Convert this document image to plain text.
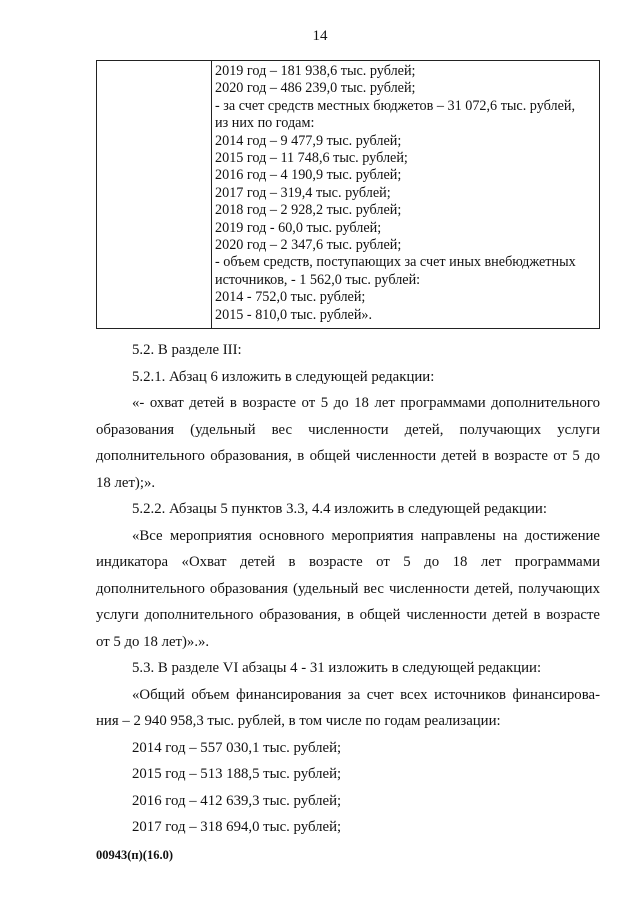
14

2019 год – 181 938,6 тыс. рублей;
2020 год – 486 239,0 тыс. рублей;
- за счет средств местных бюджетов – 31 072,6 тыс. рублей,
из них по годам:
2014 год – 9 477,9 тыс. рублей;
2015 год – 11 748,6 тыс. рублей;
2016 год – 4 190,9 тыс. рублей;
2017 год – 319,4 тыс. рублей;
2018 год – 2 928,2 тыс. рублей;
2019 год - 60,0 тыс. рублей;
2020 год – 2 347,6 тыс. рублей;
- объем средств, поступающих за счет иных внебюджетных
источников, - 1 562,0 тыс. рублей:
2014 - 752,0 тыс. рублей;
2015 - 810,0 тыс. рублей».

5.2. В разделе III:

5.2.1. Абзац 6 изложить в следующей редакции:

«- охват детей в возрасте от 5 до 18 лет программами дополнительного
образования (удельный вес численности детей, получающих услуги
дополнительного образования, в общей численности детей в возрасте от 5 до
18 лет);».

5.2.2. Абзацы 5 пунктов 3.3, 4.4 изложить в следующей редакции:

«Все мероприятия основного мероприятия направлены на достижение
индикатора «Охват детей в возрасте от 5 до 18 лет программами
дополнительного образования (удельный вес численности детей, получающих
услуги дополнительного образования, в общей численности детей в возрасте
от 5 до 18 лет)».».

5.3. В разделе VI абзацы 4 - 31 изложить в следующей редакции:

«Общий объем финансирования за счет всех источников финансирова-
ния – 2 940 958,3 тыс. рублей, в том числе по годам реализации:

2014 год – 557 030,1 тыс. рублей;

2015 год – 513 188,5 тыс. рублей;

2016 год – 412 639,3 тыс. рублей;

2017 год – 318 694,0 тыс. рублей;

00943(п)(16.0)
